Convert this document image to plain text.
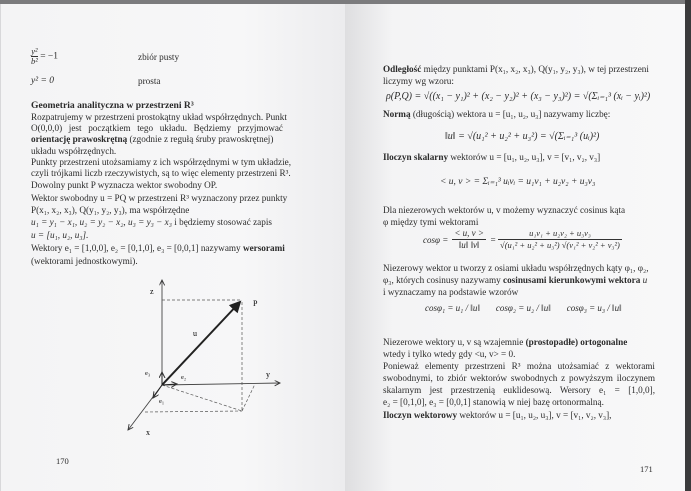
$\frac{\text{y²}}{\text{b²}} = -1$	zbiór pusty
y² = 0	prosta
Geometria analityczna w przestrzeni R³
Rozpatrujemy w przestrzeni prostokątny układ współrzędnych. Punkt
O(0,0,0) jest początkiem tego układu. Będziemy przyjmować
orientację prawoskrętną (zgodnie z regułą śruby prawoskrętnej)
układu współrzędnych.
Punkty przestrzeni utożsamiamy z ich współrzędnymi w tym układzie,
czyli trójkami liczb rzeczywistych, są to więc elementy przestrzeni R³.
Dowolny punkt P wyznacza wektor swobodny OP.
Wektor swobodny u = PQ w przestrzeni R³ wyznaczony przez punkty
P(x₁, x₂, x₃), Q(y₁, y₂, y₃), ma współrzędne
u₁ = y₁ − x₁, u₂ = y₂ − x₂, u₃ = y₃ − x₃ i będziemy stosować zapis
u = [u₁, u₂, u₃].
Wektory e₁ = [1,0,0], e₂ = [0,1,0], e₃ = [0,0,1] nazywamy wersorami
(wektorami jednostkowymi).
z
y
x
P
u
e₁
e₂
e₃
170
Odległość między punktami P(x₁, x₂, x₃), Q(y₁, y₂, y₃), w tej przestrzeni
liczymy wg wzoru:
ρ(P,Q) = √((x₁ − y₁)² + (x₂ − y₂)² + (x₃ − y₃)²) = √(Σᵢ₌₁³ (xᵢ − yᵢ)²)
Normą (długością) wektora u = [u₁, u₂, u₃] nazywamy liczbę:
‖u‖ = √(u₁² + u₂² + u₃²) = √(Σᵢ₌₁³ (uᵢ)²)
Iloczyn skalarny wektorów u = [u₁, u₂, u₃], v = [v₁, v₂, v₃]
< u, v > = Σᵢ₌₁³ uᵢvᵢ = u₁v₁ + u₂v₂ + u₃v₃
Dla niezerowych wektorów u, v możemy wyznaczyć cosinus kąta
φ między tymi wektorami
$\cos\varphi = \frac{< u, v >}{‖u‖ ‖v‖} = \frac{\text{u₁v₁ + u₂v₂ + u₃v₃}}{\text{√(u₁² + u₂² + u₃²) √(v₁² + v₂² + v₃²)}}$
Niezerowy wektor u tworzy z osiami układu współrzędnych kąty φ₁, φ₂,
φ₃, których cosinusy nazywamy cosinusami kierunkowymi wektora u
i wyznaczamy na podstawie wzorów
cosφ₁ = u₁ / ‖u‖ cosφ₂ = u₂ / ‖u‖ cosφ₃ = u₃ / ‖u‖
Niezerowe wektory u, v są wzajemnie (prostopadłe) ortogonalne
wtedy i tylko wtedy gdy <u, v> = 0.
Ponieważ elementy przestrzeni R³ można utożsamiać z wektorami
swobodnymi, to zbiór wektorów swobodnych z powyższym iloczynem
skalarnym jest przestrzenią euklidesową. Wersory e₁ = [1,0,0],
e₂ = [0,1,0], e₃ = [0,0,1] stanowią w niej bazę ortonormalną.
Iloczyn wektorowy wektorów u = [u₁, u₂, u₃], v = [v₁, v₂, v₃],
171
